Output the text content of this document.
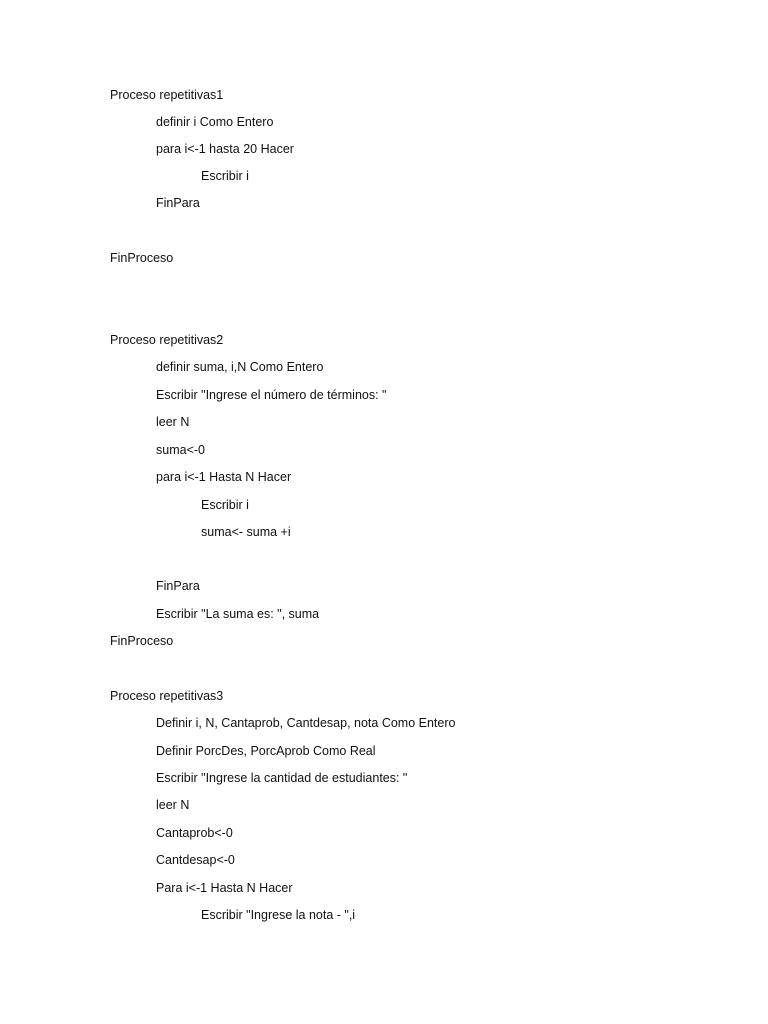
Proceso repetitivas1
definir i Como Entero
para i<-1 hasta 20 Hacer
Escribir i
FinPara
FinProceso
Proceso repetitivas2
definir suma, i,N Como Entero
Escribir "Ingrese el número de términos: "
leer N
suma<-0
para i<-1 Hasta N Hacer
Escribir i
suma<- suma +i
FinPara
Escribir "La suma es: ", suma
FinProceso
Proceso repetitivas3
Definir i, N, Cantaprob, Cantdesap, nota Como Entero
Definir PorcDes, PorcAprob Como Real
Escribir "Ingrese la cantidad de estudiantes: "
leer N
Cantaprob<-0
Cantdesap<-0
Para i<-1 Hasta N Hacer
Escribir "Ingrese la nota - ",i
